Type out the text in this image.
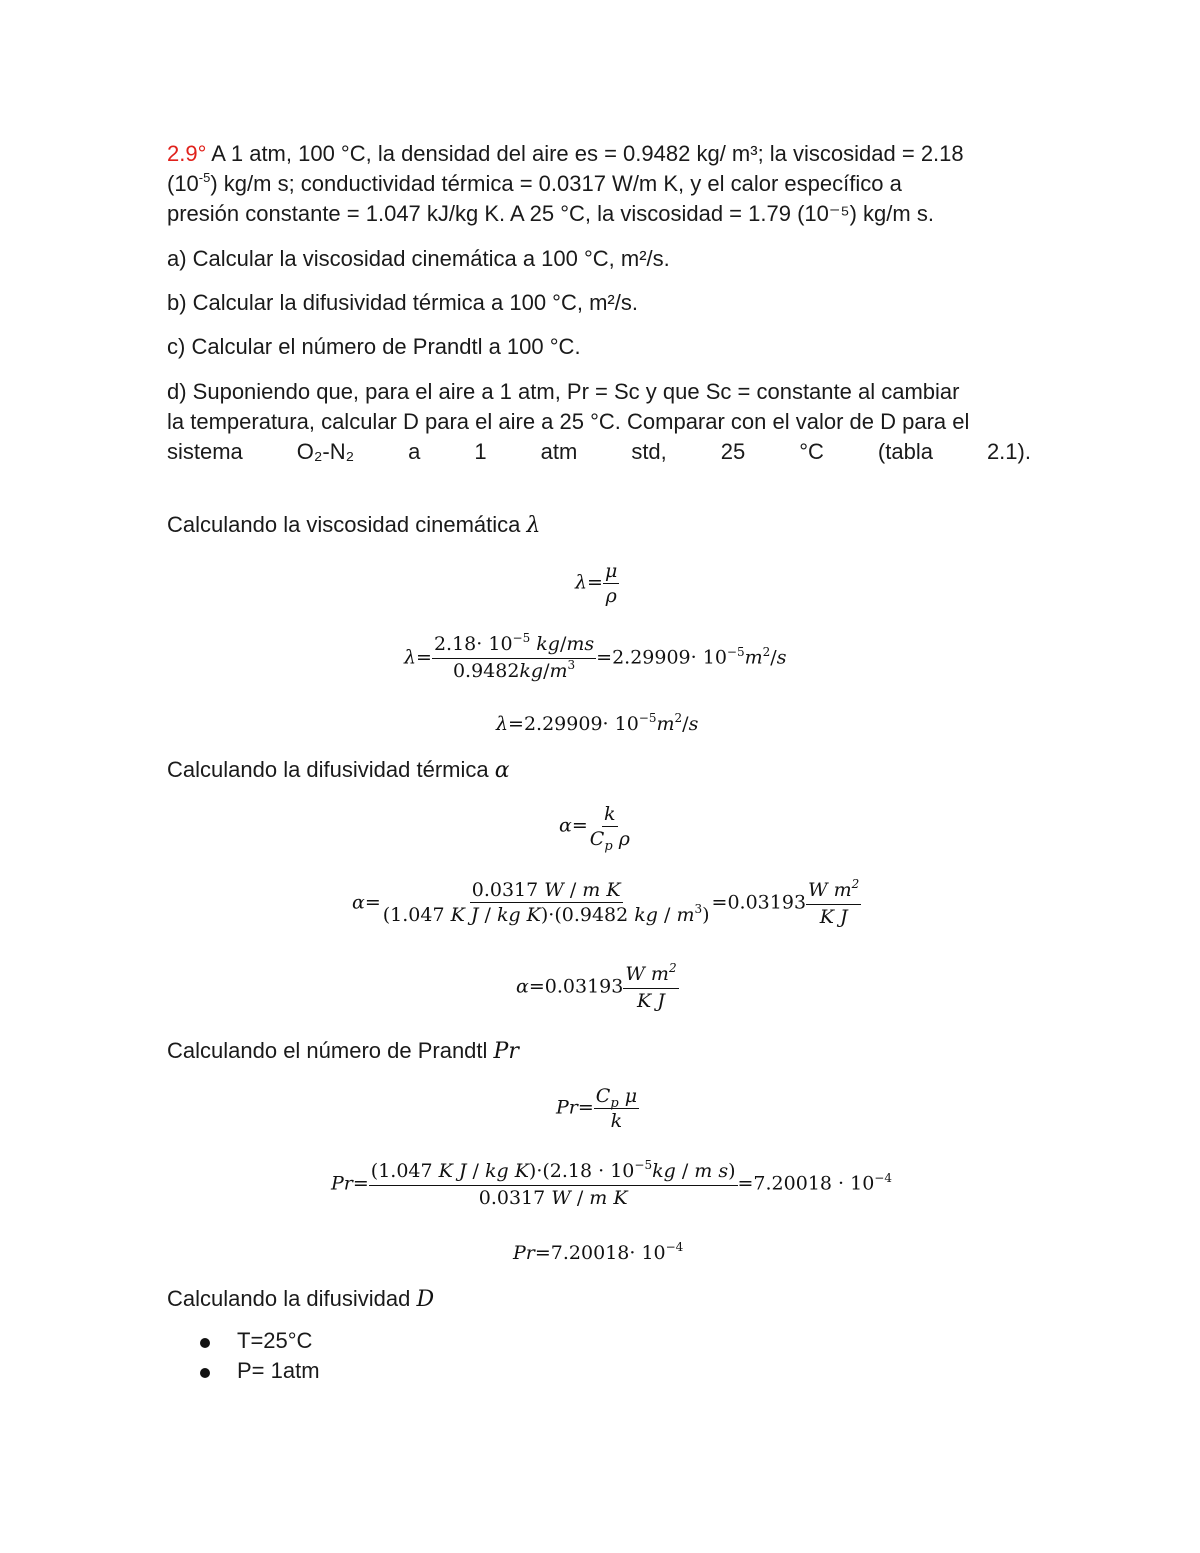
2.9° A 1 atm, 100 °C, la densidad del aire es = 0.9482 kg/ m³; la viscosidad = 2.18
$(10^{-5})$ kg/m s; conductividad térmica = 0.0317 W/m K, y el calor específico a
presión constante = 1.047 kJ/kg K. A 25 °C, la viscosidad = 1.79 (10⁻⁵) kg/m s.
a) Calcular la viscosidad cinemática a 100 °C, m²/s.
b) Calcular la difusividad térmica a 100 °C, m²/s.
c) Calcular el número de Prandtl a 100 °C.
d) Suponiendo que, para el aire a 1 atm, Pr = Sc y que Sc = constante al cambiar
la temperatura, calcular D para el aire a 25 °C. Comparar con el valor de D para el
sistema O₂-N₂ a 1 atm std, 25 °C (tabla 2.1).
Calculando la viscosidad cinemática λ
$\lambda= \frac{\mu}{\rho}$
$\lambda= \frac{2.18\cdot 10^{-5} kg/ms}{0.9482kg/m^3} =2.29909\cdot 10^{-5}m^2/s$
$\lambda=2.29909\cdot 10^{-5}m^2/s$
Calculando la difusividad térmica α
$\alpha= \frac{k}{C_p \rho}$
$\alpha= \frac{\text{0.0317 W / m K}}{(1.047 K J / kg K)\cdot(0.9482 kg / m^3)} =0.03193 \frac{W m^2}{\text{K J}}$
$\alpha=0.03193 \frac{W m^2}{\text{K J}}$
Calculando el número de Prandtl Pr
$Pr= \frac{C_p \mu}{k}$
$Pr= \frac{(1.047 K J / kg K)\cdot(2.18 \cdot 10^{-5}kg / m s)}{\text{0.0317 W / m K}} =7.20018 \cdot 10^{-4}$
$Pr=7.20018\cdot 10^{-4}$
Calculando la difusividad D
T=25°C
P= 1atm
